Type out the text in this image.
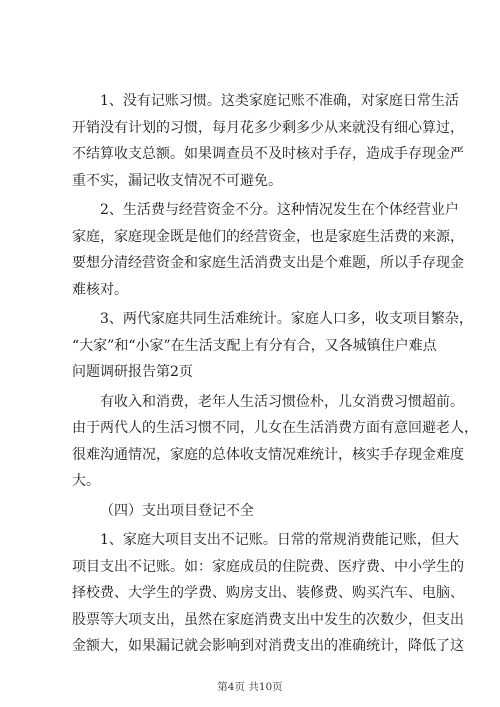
1、没有记账习惯。这类家庭记账不准确，对家庭日常生活
开销没有计划的习惯，每月花多少剩多少从来就没有细心算过，
不结算收支总额。如果调查员不及时核对手存，造成手存现金严
重不实，漏记收支情况不可避免。
2、生活费与经营资金不分。这种情况发生在个体经营业户
家庭，家庭现金既是他们的经营资金，也是家庭生活费的来源，
要想分清经营资金和家庭生活消费支出是个难题，所以手存现金
难核对。
3、两代家庭共同生活难统计。家庭人口多，收支项目繁杂，
“大家”和“小家”在生活支配上有分有合，又各城镇住户难点
问题调研报告第2页
有收入和消费，老年人生活习惯俭朴，儿女消费习惯超前。
由于两代人的生活习惯不同，儿女在生活消费方面有意回避老人，
很难沟通情况，家庭的总体收支情况难统计，核实手存现金难度
大。
（四）支出项目登记不全
1、家庭大项目支出不记账。日常的常规消费能记账，但大
项目支出不记账。如：家庭成员的住院费、医疗费、中小学生的
择校费、大学生的学费、购房支出、装修费、购买汽车、电脑、
股票等大项支出，虽然在家庭消费支出中发生的次数少，但支出
金额大，如果漏记就会影响到对消费支出的准确统计，降低了这
第4页 共10页
